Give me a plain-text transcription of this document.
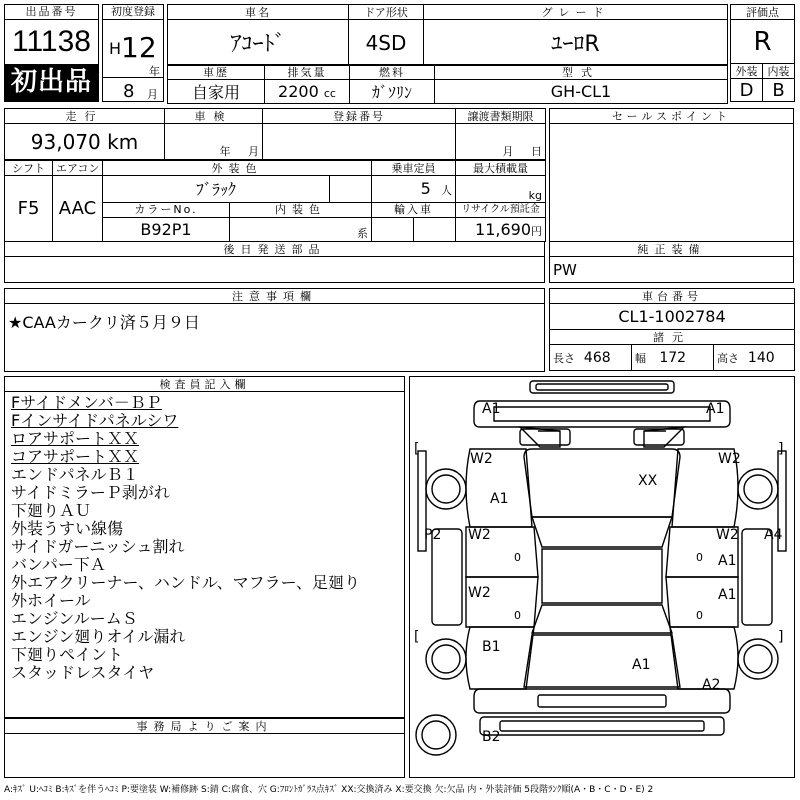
出品番号
11138
初出品
初度登録
H 12
年
8 月
車名	ドア形状	グレード
ｱｺｰﾄﾞ	4SD	ﾕｰﾛR
車歴	排気量	燃料	型式
自家用	2200 cc	ｶﾞｿﾘﾝ	GH-CL1
評価点	
R	
外装	内装
D	B
走行	車検	登録番号	譲渡書類期限
93,070 km	年 月		月 日
シフト	エアコン	外装色			乗車定員		最大積載量
F5	AAC	ﾌﾞﾗｯｸ			5 人		kg
		カラーNo.	内装色		輸入車		リサイクル預託金
		B92P1	系				11,690円
後日発送部品

セールスポイント

純正装備
PW
注意事項欄
★CAAカークリ済５月９日
車台番号
CL1-1002784
諸元
長さ 468	幅 172	高さ 140
検査員記入欄

Fサイドメンバ－ＢＰ
Fインサイドパネルシワ
ロアサポートＸＸ
コアサポートＸＸ
エンドパネルＢ１
サイドミラーＰ剥がれ
下廻りＡＵ
外装うすい線傷
サイドガーニッシュ割れ
バンパー下Ａ
外エアクリーナー、ハンドル、マフラー、足廻り
外ホイール
エンジンルームＳ
エンジン廻りオイル漏れ
下廻りペイント
スタッドレスタイヤ
事務局よりご案内

A1	A1
[	]
W2	W2
XX
A1
P2	A4
W2	W2
0	0 A1
W2	A1
0	0
B1
[	]
A1
A2
B2
A:ｷｽﾞ U:ﾍｺﾐ B:ｷｽﾞを伴うﾍｺﾐ P:要塗装 W:補修跡 S:錆 C:腐食、穴 G:ﾌﾛﾝﾄｶﾞﾗｽ点ｷｽﾞ XX:交換済み X:要交換 欠:欠品 内・外装評価 5段階ﾗﾝｸ順(A・B・C・D・E) 2
